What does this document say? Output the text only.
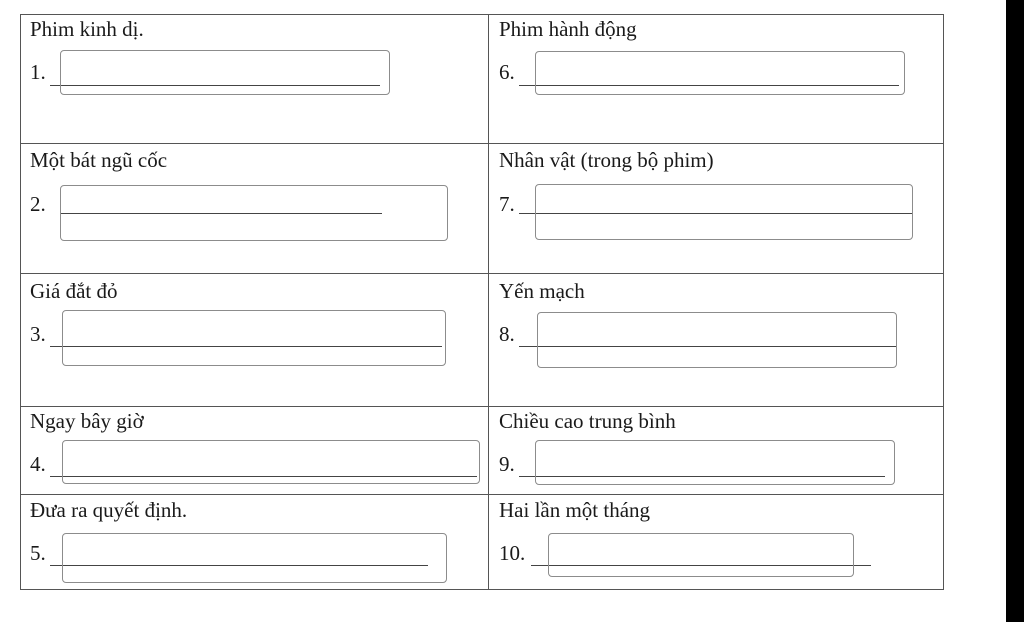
Phim kinh dị.
1.
Phim hành động
6.
Một bát ngũ cốc
2.
Nhân vật (trong bộ phim)
7.
Giá đắt đỏ
3.
Yến mạch
8.
Ngay bây giờ
4.
Chiều cao trung bình
9.
Đưa ra quyết định.
5.
Hai lần một tháng
10.
